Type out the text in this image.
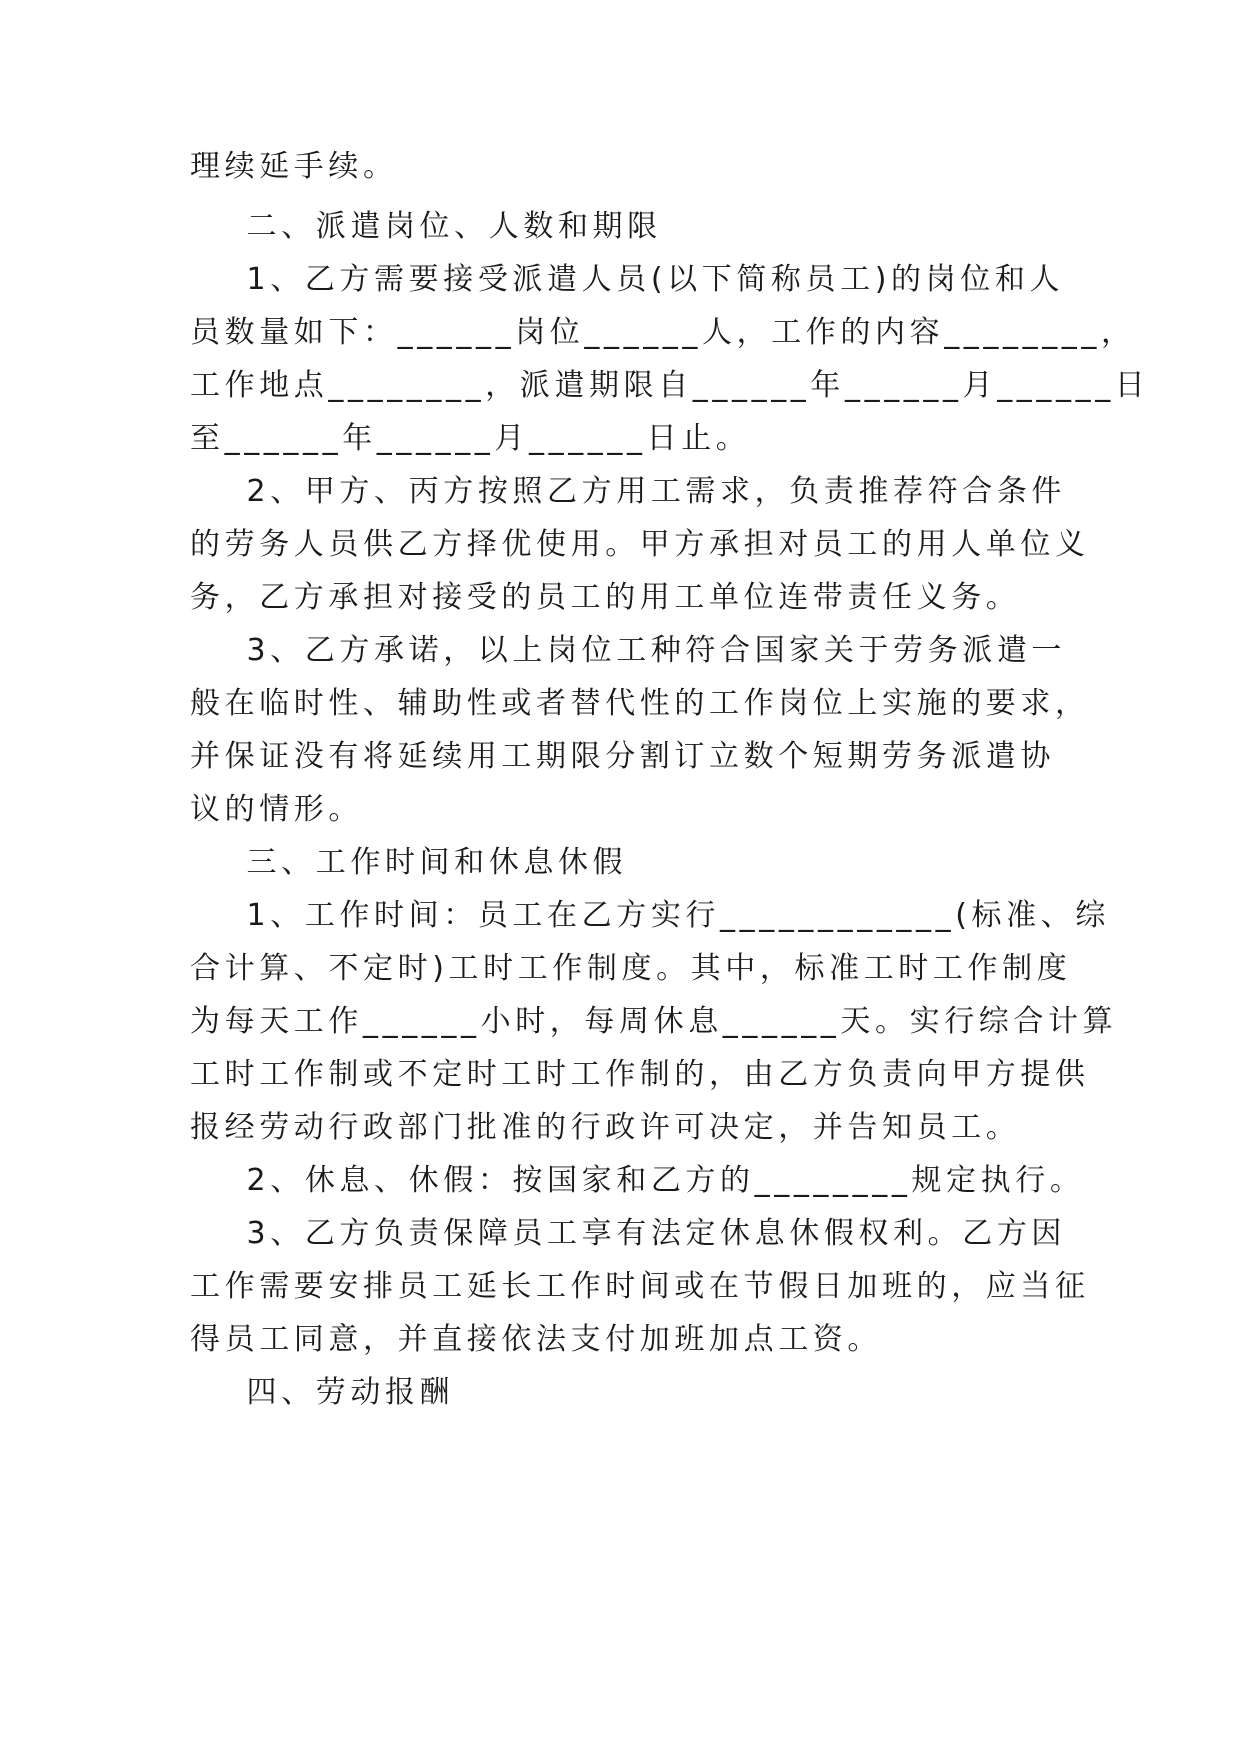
理续延手续。
二、派遣岗位、人数和期限
1、乙方需要接受派遣人员(以下简称员工)的岗位和人
员数量如下：______岗位______人，工作的内容________，
工作地点________，派遣期限自______年______月______日
至______年______月______日止。
2、甲方、丙方按照乙方用工需求，负责推荐符合条件
的劳务人员供乙方择优使用。甲方承担对员工的用人单位义
务，乙方承担对接受的员工的用工单位连带责任义务。
3、乙方承诺，以上岗位工种符合国家关于劳务派遣一
般在临时性、辅助性或者替代性的工作岗位上实施的要求，
并保证没有将延续用工期限分割订立数个短期劳务派遣协
议的情形。
三、工作时间和休息休假
1、工作时间：员工在乙方实行____________(标准、综
合计算、不定时)工时工作制度。其中，标准工时工作制度
为每天工作______小时，每周休息______天。实行综合计算
工时工作制或不定时工时工作制的，由乙方负责向甲方提供
报经劳动行政部门批准的行政许可决定，并告知员工。
2、休息、休假：按国家和乙方的________规定执行。
3、乙方负责保障员工享有法定休息休假权利。乙方因
工作需要安排员工延长工作时间或在节假日加班的，应当征
得员工同意，并直接依法支付加班加点工资。
四、劳动报酬
